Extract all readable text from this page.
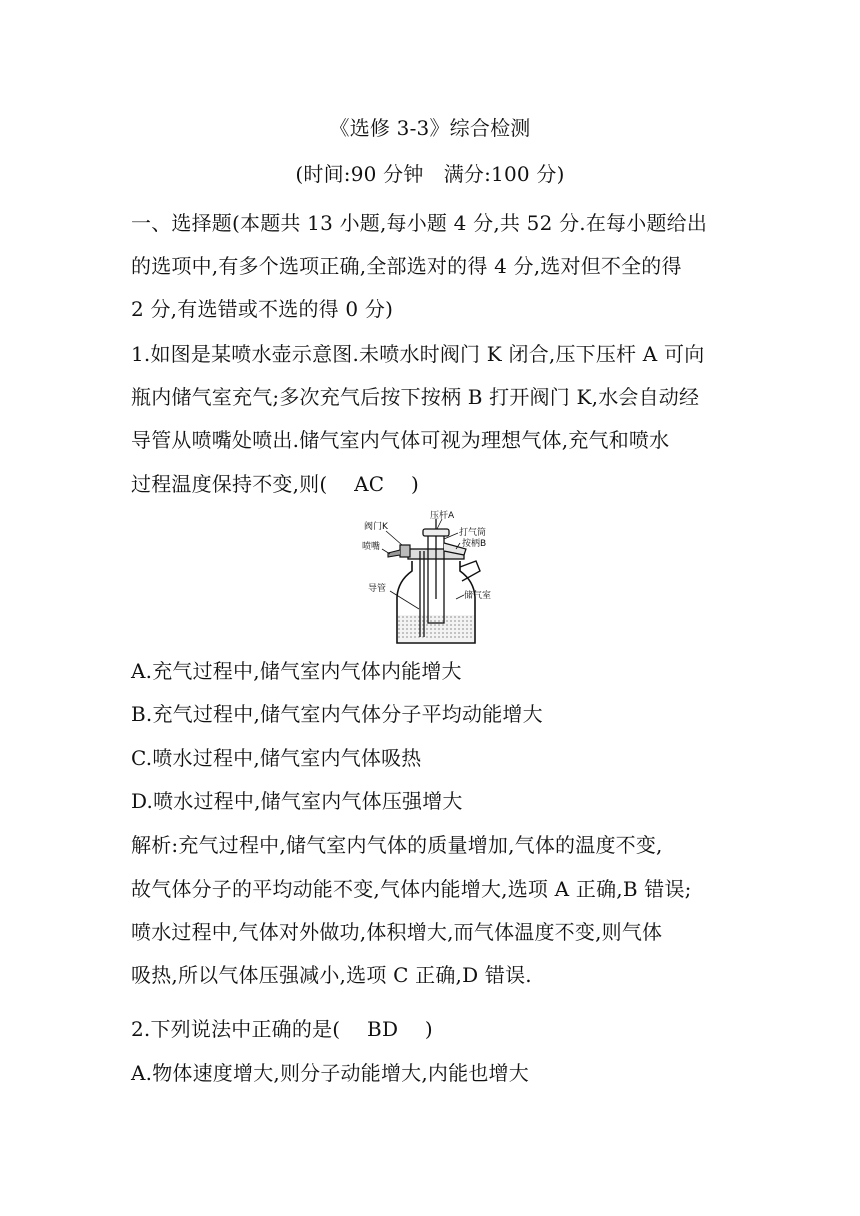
《选修 3-3》综合检测
(时间:90 分钟　满分:100 分)
一、选择题(本题共 13 小题,每小题 4 分,共 52 分.在每小题给出
的选项中,有多个选项正确,全部选对的得 4 分,选对但不全的得
2 分,有选错或不选的得 0 分)
1.如图是某喷水壶示意图.未喷水时阀门 K 闭合,压下压杆 A 可向
瓶内储气室充气;多次充气后按下按柄 B 打开阀门 K,水会自动经
导管从喷嘴处喷出.储气室内气体可视为理想气体,充气和喷水
过程温度保持不变,则(　 AC　 )
阀门K
喷嘴
压杆A
打气筒
按柄B
导管
储气室
A.充气过程中,储气室内气体内能增大
B.充气过程中,储气室内气体分子平均动能增大
C.喷水过程中,储气室内气体吸热
D.喷水过程中,储气室内气体压强增大
解析:充气过程中,储气室内气体的质量增加,气体的温度不变,
故气体分子的平均动能不变,气体内能增大,选项 A 正确,B 错误;
喷水过程中,气体对外做功,体积增大,而气体温度不变,则气体
吸热,所以气体压强减小,选项 C 正确,D 错误.
2.下列说法中正确的是(　 BD　 )
A.物体速度增大,则分子动能增大,内能也增大
